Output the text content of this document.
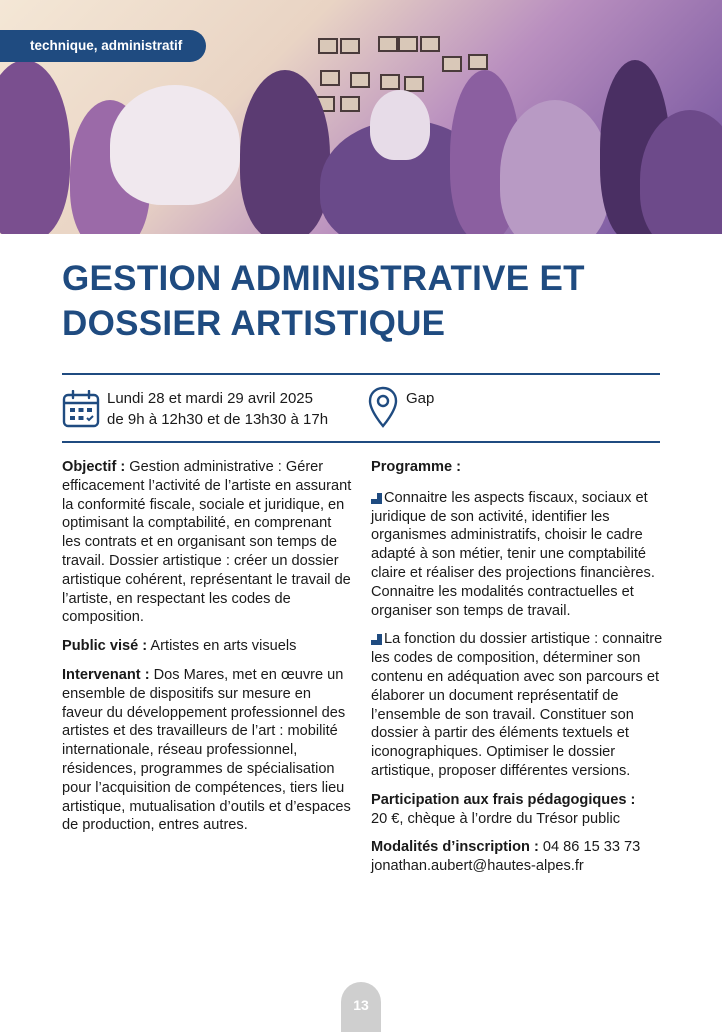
technique, administratif
GESTION ADMINISTRATIVE ET DOSSIER ARTISTIQUE
Lundi 28 et mardi 29 avril 2025
de 9h à 12h30 et de 13h30 à 17h
Gap

Objectif : Gestion administrative : Gérer efficacement l’activité de l’artiste en assurant la conformité fiscale, sociale et juridique, en optimisant la comptabilité, en comprenant les contrats et en organisant son temps de travail. Dossier artistique : créer un dossier artistique cohérent, représentant le travail de l’artiste, en respectant les codes de composition.

Public visé : Artistes en arts visuels

Intervenant : Dos Mares, met en œuvre un ensemble de dispositifs sur mesure en faveur du développement professionnel des artistes et des travailleurs de l’art : mobilité internationale, réseau professionnel, résidences, programmes de spécialisation pour l’acquisition de compétences, tiers lieu artistique, mutualisation d’outils et d’espaces de production, entres autres.

Programme :

Connaitre les aspects fiscaux, sociaux et juridique de son activité, identifier les organismes administratifs, choisir le cadre adapté à son métier, tenir une comptabilité claire et réaliser des projections financières. Connaitre les modalités contractuelles et organiser son temps de travail.

La fonction du dossier artistique : connaitre les codes de composition, déterminer son contenu en adéquation avec son parcours et élaborer un document représentatif de l’ensemble de son travail. Constituer son dossier à partir des éléments textuels et iconographiques. Optimiser le dossier artistique, proposer différentes versions.

Participation aux frais pédagogiques :
20 €, chèque à l’ordre du Trésor public

Modalités d’inscription : 04 86 15 33 73
jonathan.aubert@hautes-alpes.fr

13
